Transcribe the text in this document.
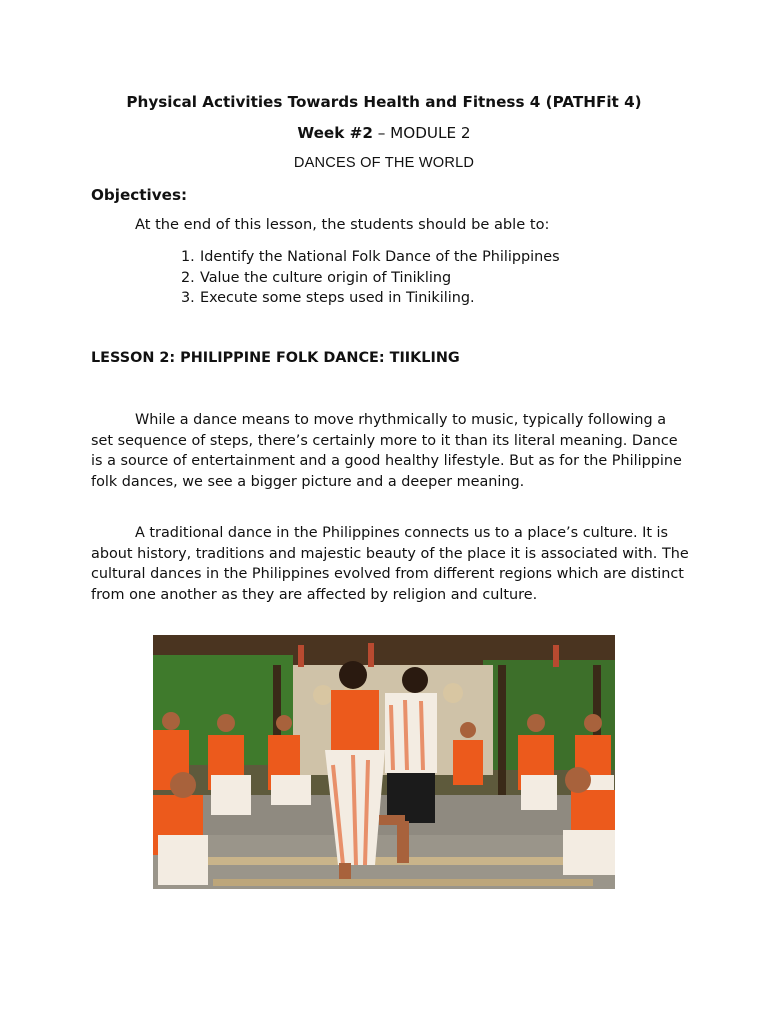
Physical Activities Towards Health and Fitness 4 (PATHFit 4)
Week #2 – MODULE 2
DANCES OF THE WORLD
Objectives:
At the end of this lesson, the students should be able to:
1. Identify the National Folk Dance of the Philippines
2. Value the culture origin of Tinikling
3. Execute some steps used in Tinikiling.
LESSON 2: PHILIPPINE FOLK DANCE: TIIKLING

While a dance means to move rhythmically to music, typically following a set sequence of steps, there’s certainly more to it than its literal meaning. Dance is a source of entertainment and a good healthy lifestyle. But as for the Philippine folk dances, we see a bigger picture and a deeper meaning.

A traditional dance in the Philippines connects us to a place’s culture. It is about history, traditions and majestic beauty of the place it is associated with. The cultural dances in the Philippines evolved from different regions which are distinct from one another as they are affected by religion and culture.
